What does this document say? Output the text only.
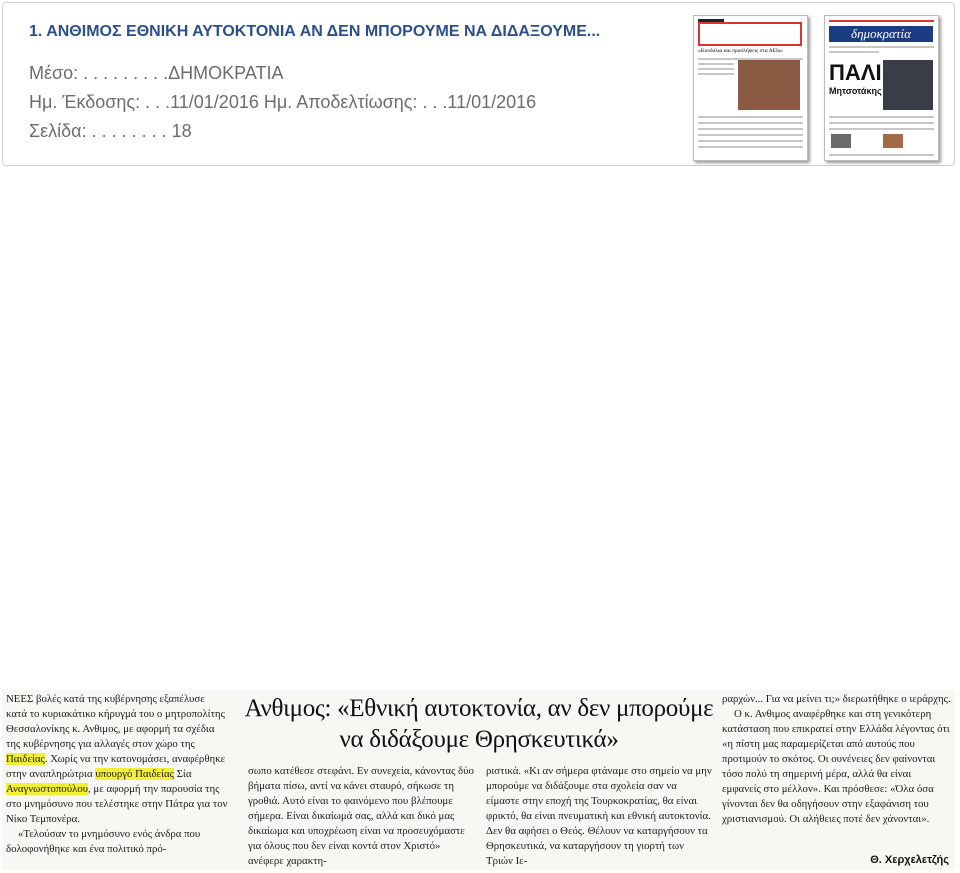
1. ΑΝΘΙΜΟΣ ΕΘΝΙΚΗ ΑΥΤΟΚΤΟΝΙΑ ΑΝ ΔΕΝ ΜΠΟΡΟΥΜΕ ΝΑ ΔΙΔΑΞΟΥΜΕ...
Μέσο: . . . . . . . . .ΔΗΜΟΚΡΑΤΙΑ
Ημ. Έκδοσης: . . .11/01/2016 Ημ. Αποδελτίωσης: . . .11/01/2016
Σελίδα: . . . . . . . . 18
«Κονδύλια και προσλήψεις στα ΑΕΙs»
δημοκρατία
ΠΑΛΙ
Μητσοτάκης

ΝΕΕΣ βολές κατά της κυβέρνησης εξαπέλυσε κατά το κυριακάτικο κήρυγμά του ο μητροπολίτης Θεσσαλονίκης κ. Ανθιμος, με αφορμή τα σχέδια της κυβέρνησης για αλλαγές στον χώρο της Παιδείας. Χωρίς να την κατονομάσει, αναφέρθηκε στην αναπληρώτρια υπουργό Παιδείας Σία Αναγνωστοπούλου, με αφορμή την παρουσία της στο μνημόσυνο που τελέστηκε στην Πάτρα για τον Νίκο Τεμπονέρα.

«Τελούσαν το μνημόσυνο ενός άνδρα που δολοφονήθηκε και ένα πολιτικό πρό-

Ανθιμος: «Εθνική αυτοκτονία, αν δεν μπορούμε να διδάξουμε Θρησκευτικά»
σωπο κατέθεσε στεφάνι. Εν συνεχεία, κάνοντας δύο βήματα πίσω, αντί να κάνει σταυρό, σήκωσε τη γροθιά. Αυτό είναι το φαινόμενο που βλέπουμε σήμερα. Είναι δικαίωμά σας, αλλά και δικό μας δικαίωμα και υποχρέωση είναι να προσευχόμαστε για όλους που δεν είναι κοντά στον Χριστό» ανέφερε χαρακτη-
ριστικά. «Κι αν σήμερα φτάναμε στο σημείο να μην μπορούμε να διδάξουμε στα σχολεία σαν να είμαστε στην εποχή της Τουρκοκρατίας, θα είναι φρικτό, θα είναι πνευματική και εθνική αυτοκτονία. Δεν θα αφήσει ο Θεός. Θέλουν να καταργήσουν τα Θρησκευτικά, να καταργήσουν τη γιορτή των Τριών Ιε-

ραρχών... Για να μείνει τι;» διερωτήθηκε ο ιεράρχης.

Ο κ. Ανθιμος αναφέρθηκε και στη γενικότερη κατάσταση που επικρατεί στην Ελλάδα λέγοντας ότι «η πίστη μας παραμερίζεται από αυτούς που προτιμούν το σκότος. Οι ουνένειες δεν φαίνονται τόσο πολύ τη σημερινή μέρα, αλλά θα είναι εμφανείς στο μέλλον». Και πρόσθεσε: «Όλα όσα γίνονται δεν θα οδηγήσουν στην εξαφάνιση του χριστιανισμού. Οι αλήθειες ποτέ δεν χάνονται».

Θ. Χερχελετζής
